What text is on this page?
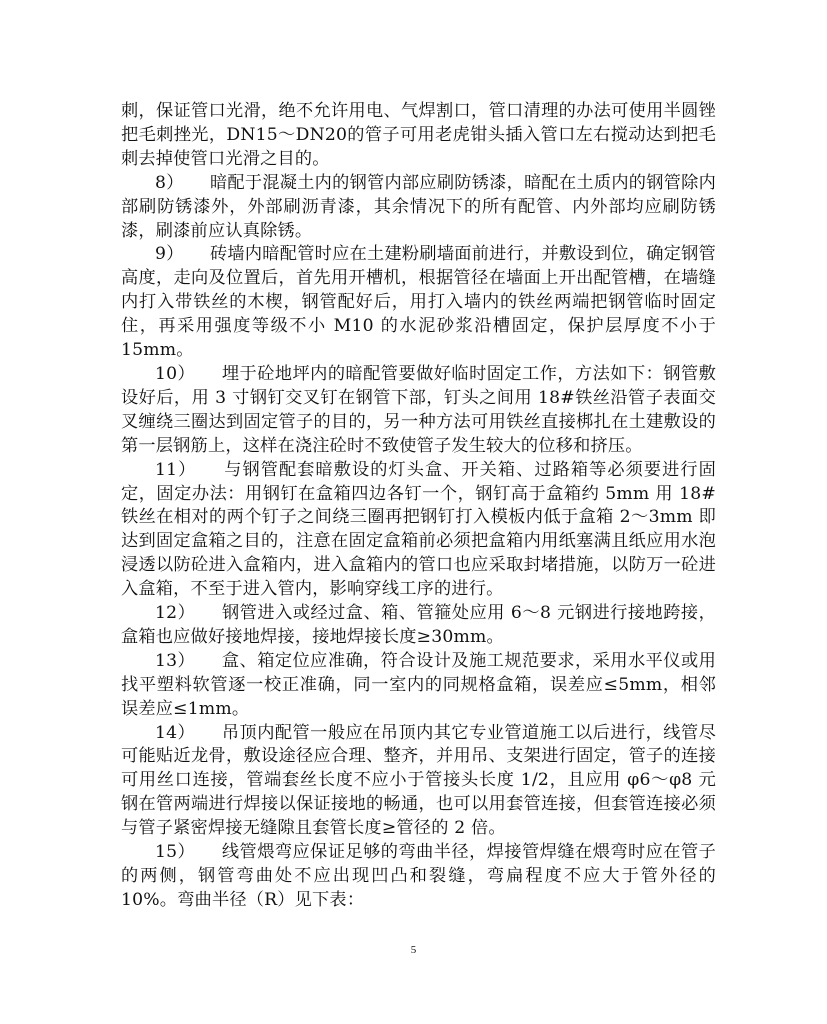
刺，保证管口光滑，绝不允许用电、气焊割口，管口清理的办法可使用半圆锉把毛刺挫光，DN15～DN20的管子可用老虎钳头插入管口左右搅动达到把毛刺去掉使管口光滑之目的。

8）　　暗配于混凝土内的钢管内部应刷防锈漆，暗配在土质内的钢管除内部刷防锈漆外，外部刷沥青漆，其余情况下的所有配管、内外部均应刷防锈漆，刷漆前应认真除锈。

9）　　砖墙内暗配管时应在土建粉刷墙面前进行，并敷设到位，确定钢管高度，走向及位置后，首先用开槽机，根据管径在墙面上开出配管槽，在墙缝内打入带铁丝的木楔，钢管配好后，用打入墙内的铁丝两端把钢管临时固定住，再采用强度等级不小 M10 的水泥砂浆沿槽固定，保护层厚度不小于 15mm。

10）　　埋于砼地坪内的暗配管要做好临时固定工作，方法如下：钢管敷设好后，用 3 寸钢钉交叉钉在钢管下部，钉头之间用 18#铁丝沿管子表面交叉缠绕三圈达到固定管子的目的，另一种方法可用铁丝直接梆扎在土建敷设的第一层钢筋上，这样在浇注砼时不致使管子发生较大的位移和挤压。

11）　　与钢管配套暗敷设的灯头盒、开关箱、过路箱等必须要进行固定，固定办法：用钢钉在盒箱四边各钉一个，钢钉高于盒箱约 5mm 用 18#铁丝在相对的两个钉子之间绕三圈再把钢钉打入模板内低于盒箱 2～3mm 即达到固定盒箱之目的，注意在固定盒箱前必须把盒箱内用纸塞满且纸应用水泡浸透以防砼进入盒箱内，进入盒箱内的管口也应采取封堵措施，以防万一砼进入盒箱，不至于进入管内，影响穿线工序的进行。

12）　　钢管进入或经过盒、箱、管箍处应用 6～8 元钢进行接地跨接，盒箱也应做好接地焊接，接地焊接长度≥30mm。

13）　　盒、箱定位应准确，符合设计及施工规范要求，采用水平仪或用找平塑料软管逐一校正准确，同一室内的同规格盒箱，误差应≤5mm，相邻误差应≤1mm。

14）　　吊顶内配管一般应在吊顶内其它专业管道施工以后进行，线管尽可能贴近龙骨，敷设途径应合理、整齐，并用吊、支架进行固定，管子的连接可用丝口连接，管端套丝长度不应小于管接头长度 1/2，且应用 φ6～φ8 元钢在管两端进行焊接以保证接地的畅通，也可以用套管连接，但套管连接必须与管子紧密焊接无缝隙且套管长度≥管径的 2 倍。

15）　　线管煨弯应保证足够的弯曲半径，焊接管焊缝在煨弯时应在管子的两侧，钢管弯曲处不应出现凹凸和裂缝，弯扁程度不应大于管外径的 10%。弯曲半径（R）见下表：

5
